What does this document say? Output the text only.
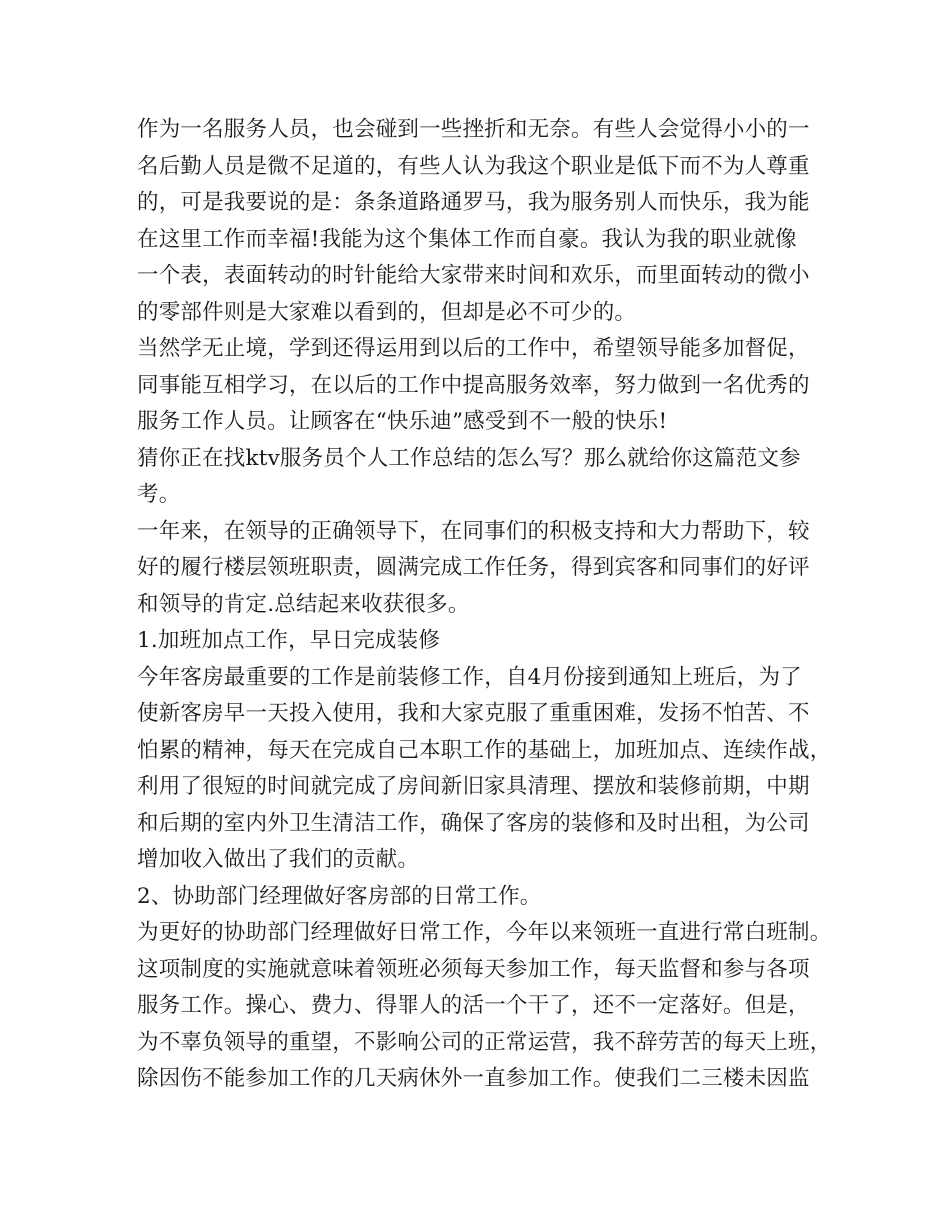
作为一名服务人员，也会碰到一些挫折和无奈。有些人会觉得小小的一
名后勤人员是微不足道的，有些人认为我这个职业是低下而不为人尊重
的，可是我要说的是：条条道路通罗马，我为服务别人而快乐，我为能
在这里工作而幸福!我能为这个集体工作而自豪。我认为我的职业就像
一个表，表面转动的时针能给大家带来时间和欢乐，而里面转动的微小
的零部件则是大家难以看到的，但却是必不可少的。
当然学无止境，学到还得运用到以后的工作中，希望领导能多加督促，
同事能互相学习，在以后的工作中提高服务效率，努力做到一名优秀的
服务工作人员。让顾客在“快乐迪”感受到不一般的快乐!
猜你正在找ktv服务员个人工作总结的怎么写？那么就给你这篇范文参
考。
一年来，在领导的正确领导下，在同事们的积极支持和大力帮助下，较
好的履行楼层领班职责，圆满完成工作任务，得到宾客和同事们的好评
和领导的肯定.总结起来收获很多。
1.加班加点工作，早日完成装修
今年客房最重要的工作是前装修工作，自4月份接到通知上班后，为了
使新客房早一天投入使用，我和大家克服了重重困难，发扬不怕苦、不
怕累的精神，每天在完成自己本职工作的基础上，加班加点、连续作战，
利用了很短的时间就完成了房间新旧家具清理、摆放和装修前期，中期
和后期的室内外卫生清洁工作，确保了客房的装修和及时出租，为公司
增加收入做出了我们的贡献。
2、协助部门经理做好客房部的日常工作。
为更好的协助部门经理做好日常工作，今年以来领班一直进行常白班制。
这项制度的实施就意味着领班必须每天参加工作，每天监督和参与各项
服务工作。操心、费力、得罪人的活一个干了，还不一定落好。但是，
为不辜负领导的重望，不影响公司的正常运营，我不辞劳苦的每天上班，
除因伤不能参加工作的几天病休外一直参加工作。使我们二三楼未因监
